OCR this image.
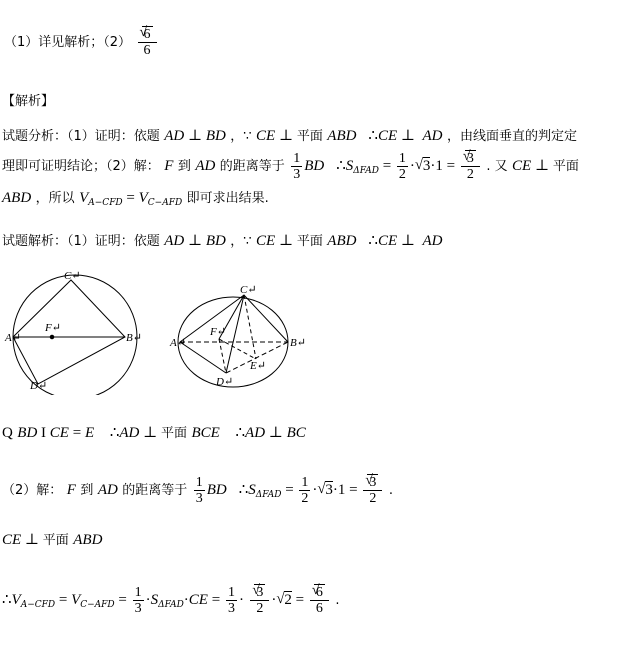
（1）详见解析；（2） √ $\frac{6}{6}$
【解析】
试题分析：（1）证明：依题 AD ⊥ BD ，∵ CE ⊥ 平面 ABD   ∴CE ⊥  AD ，由线面垂直的判定定
理即可证明结论；（2）解： F 到 AD 的距离等于 $\frac{1}{3}$ BD   $\therefore S_{\Delta FAD} = \frac{1}{2}$ · √ 3·1 = √ $\frac{3}{2}$ . 又 CE ⊥ 平面
ABD ，所以 $V_{A-CFD} = V_{C-AFD}$ 即可求出结果.
试题解析：（1）证明：依题 AD ⊥ BD ，∵ CE ⊥ 平面 ABD   ∴CE ⊥  AD
C↵
A↵
F↵
B↵
D↵
C↵
A↵
F↵
B↵
D↵
E↵
Q BD I CE = E    ∴AD ⊥ 平面 BCE ∴AD ⊥ BC
（2）解： F 到 AD 的距离等于 $\frac{1}{3}$ BD   $\therefore S_{\Delta FAD} = \frac{1}{2}$ · √ 3·1 = √ $\frac{3}{2}$ .
CE ⊥ 平面 ABD
$\therefore V_{A-CFD} = V_{C-AFD} = \frac{1}{3} \cdot S_{\Delta FAD}\cdot CE = \frac{1}{3}$ · √ $\frac{3}{2}$ · √ 2 = √ $\frac{6}{6}$ .
